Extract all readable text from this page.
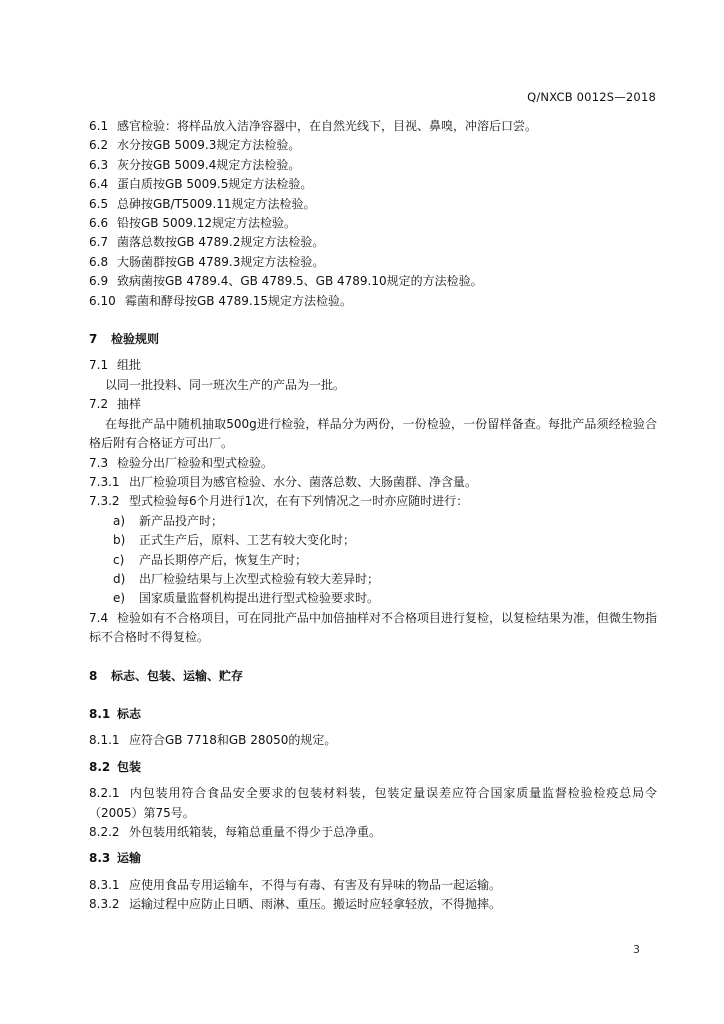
Q/NXCB 0012S—2018
6.1 感官检验：将样品放入洁净容器中，在自然光线下，目视、鼻嗅，冲溶后口尝。
6.2 水分按GB 5009.3规定方法检验。
6.3 灰分按GB 5009.4规定方法检验。
6.4 蛋白质按GB 5009.5规定方法检验。
6.5 总砷按GB/T5009.11规定方法检验。
6.6 铅按GB 5009.12规定方法检验。
6.7 菌落总数按GB 4789.2规定方法检验。
6.8 大肠菌群按GB 4789.3规定方法检验。
6.9 致病菌按GB 4789.4、GB 4789.5、GB 4789.10规定的方法检验。
6.10 霉菌和酵母按GB 4789.15规定方法检验。
7 检验规则
7.1 组批
以同一批投料、同一班次生产的产品为一批。
7.2 抽样
在每批产品中随机抽取500g进行检验，样品分为两份，一份检验，一份留样备查。每批产品须经检验合格后附有合格证方可出厂。
7.3 检验分出厂检验和型式检验。
7.3.1 出厂检验项目为感官检验、水分、菌落总数、大肠菌群、净含量。
7.3.2 型式检验每6个月进行1次，在有下列情况之一时亦应随时进行：
a) 新产品投产时；
b) 正式生产后，原料、工艺有较大变化时；
c) 产品长期停产后，恢复生产时；
d) 出厂检验结果与上次型式检验有较大差异时；
e) 国家质量监督机构提出进行型式检验要求时。
7.4 检验如有不合格项目，可在同批产品中加倍抽样对不合格项目进行复检，以复检结果为准，但微生物指标不合格时不得复检。
8 标志、包装、运输、贮存
8.1 标志
8.1.1 应符合GB 7718和GB 28050的规定。
8.2 包装
8.2.1 内包装用符合食品安全要求的包装材料装，包装定量误差应符合国家质量监督检验检疫总局令（2005）第75号。
8.2.2 外包装用纸箱装，每箱总重量不得少于总净重。
8.3 运输
8.3.1 应使用食品专用运输车，不得与有毒、有害及有异味的物品一起运输。
8.3.2 运输过程中应防止日晒、雨淋、重压。搬运时应轻拿轻放，不得抛摔。
3
